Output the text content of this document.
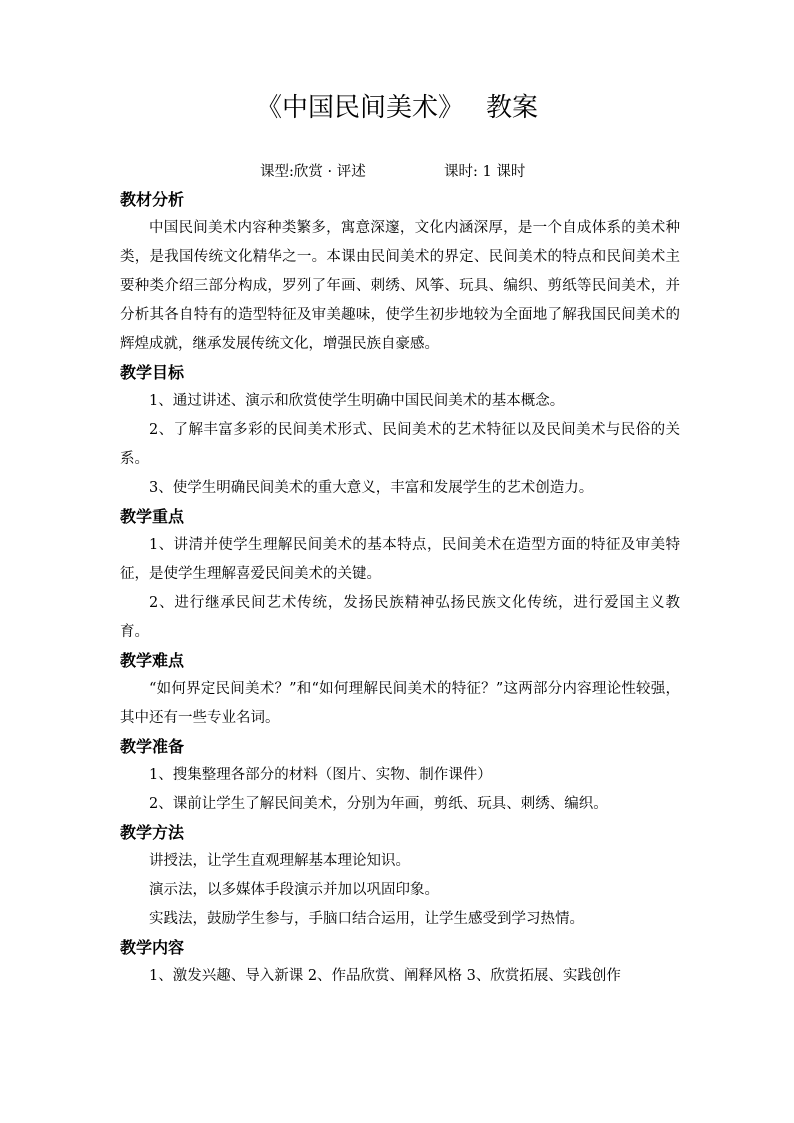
《中国民间美术》 教案
课型:欣赏 · 评述	课时: 1 课时
教材分析
中国民间美术内容种类繁多，寓意深邃，文化内涵深厚，是一个自成体系的美术种类，是我国传统文化精华之一。本课由民间美术的界定、民间美术的特点和民间美术主要种类介绍三部分构成，罗列了年画、刺绣、风筝、玩具、编织、剪纸等民间美术，并分析其各自特有的造型特征及审美趣味，使学生初步地较为全面地了解我国民间美术的辉煌成就，继承发展传统文化，增强民族自豪感。
教学目标
1、通过讲述、演示和欣赏使学生明确中国民间美术的基本概念。
2、了解丰富多彩的民间美术形式、民间美术的艺术特征以及民间美术与民俗的关系。
3、使学生明确民间美术的重大意义，丰富和发展学生的艺术创造力。
教学重点
1、讲清并使学生理解民间美术的基本特点，民间美术在造型方面的特征及审美特征，是使学生理解喜爱民间美术的关键。
2、进行继承民间艺术传统，发扬民族精神弘扬民族文化传统，进行爱国主义教育。
教学难点
“如何界定民间美术？”和“如何理解民间美术的特征？”这两部分内容理论性较强，其中还有一些专业名词。
教学准备
1、搜集整理各部分的材料（图片、实物、制作课件）
2、课前让学生了解民间美术，分别为年画，剪纸、玩具、刺绣、编织。
教学方法
讲授法，让学生直观理解基本理论知识。
演示法，以多媒体手段演示并加以巩固印象。
实践法，鼓励学生参与，手脑口结合运用，让学生感受到学习热情。
教学内容
1、激发兴趣、导入新课 2、作品欣赏、阐释风格 3、欣赏拓展、实践创作
